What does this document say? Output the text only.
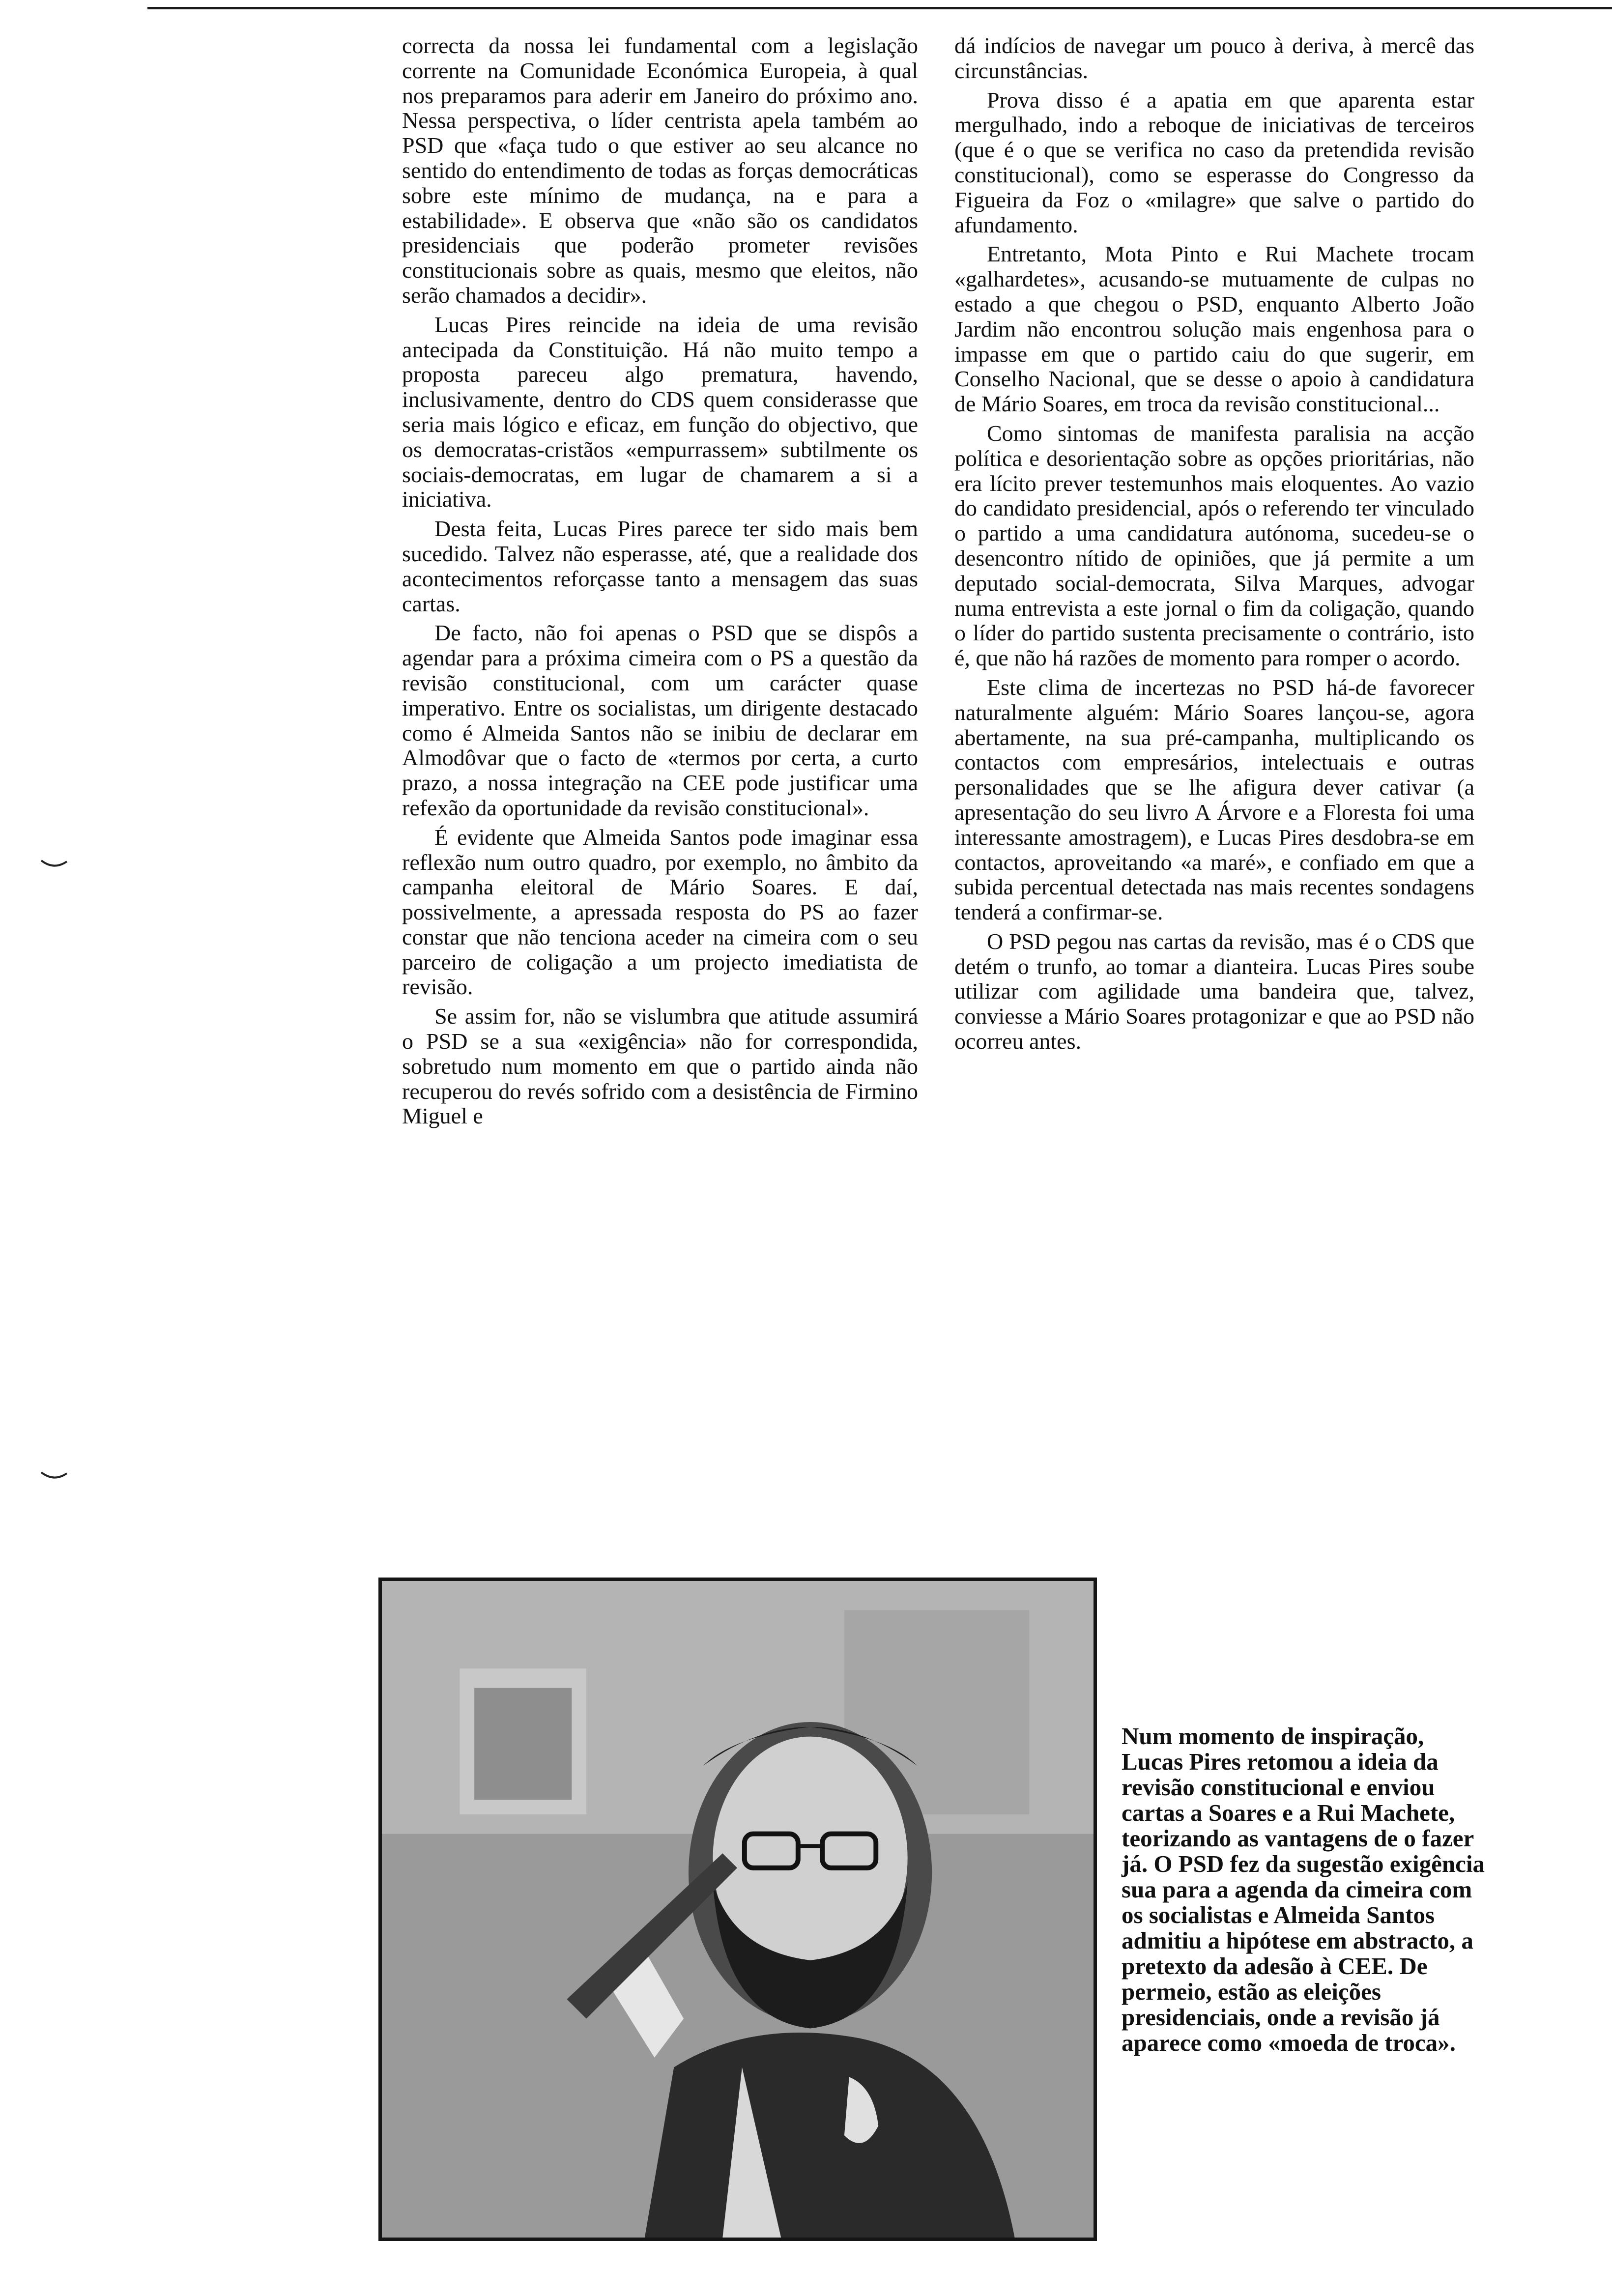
correcta da nossa lei fundamental com a legislação corrente na Comunidade Económica Europeia, à qual nos preparamos para aderir em Janeiro do próximo ano. Nessa perspectiva, o líder centrista apela também ao PSD que «faça tudo o que estiver ao seu alcance no sentido do entendimento de todas as forças democráticas sobre este mínimo de mudança, na e para a estabilidade». E observa que «não são os candidatos presidenciais que poderão prometer revisões constitucionais sobre as quais, mesmo que eleitos, não serão chamados a decidir».

Lucas Pires reincide na ideia de uma revisão antecipada da Constituição. Há não muito tempo a proposta pareceu algo prematura, havendo, inclusivamente, dentro do CDS quem considerasse que seria mais lógico e eficaz, em função do objectivo, que os democratas-cristãos «empurrassem» subtilmente os sociais-democratas, em lugar de chamarem a si a iniciativa.

Desta feita, Lucas Pires parece ter sido mais bem sucedido. Talvez não esperasse, até, que a realidade dos acontecimentos reforçasse tanto a mensagem das suas cartas.

De facto, não foi apenas o PSD que se dispôs a agendar para a próxima cimeira com o PS a questão da revisão constitucional, com um carácter quase imperativo. Entre os socialistas, um dirigente destacado como é Almeida Santos não se inibiu de declarar em Almodôvar que o facto de «termos por certa, a curto prazo, a nossa integração na CEE pode justificar uma refexão da oportunidade da revisão constitucional».

É evidente que Almeida Santos pode imaginar essa reflexão num outro quadro, por exemplo, no âmbito da campanha eleitoral de Mário Soares. E daí, possivelmente, a apressada resposta do PS ao fazer constar que não tenciona aceder na cimeira com o seu parceiro de coligação a um projecto imediatista de revisão.

Se assim for, não se vislumbra que atitude assumirá o PSD se a sua «exigência» não for correspondida, sobretudo num momento em que o partido ainda não recuperou do revés sofrido com a desistência de Firmino Miguel e

dá indícios de navegar um pouco à deriva, à mercê das circunstâncias.

Prova disso é a apatia em que aparenta estar mergulhado, indo a reboque de iniciativas de terceiros (que é o que se verifica no caso da pretendida revisão constitucional), como se esperasse do Congresso da Figueira da Foz o «milagre» que salve o partido do afundamento.

Entretanto, Mota Pinto e Rui Machete trocam «galhardetes», acusando-se mutuamente de culpas no estado a que chegou o PSD, enquanto Alberto João Jardim não encontrou solução mais engenhosa para o impasse em que o partido caiu do que sugerir, em Conselho Nacional, que se desse o apoio à candidatura de Mário Soares, em troca da revisão constitucional...

Como sintomas de manifesta paralisia na acção política e desorientação sobre as opções prioritárias, não era lícito prever testemunhos mais eloquentes. Ao vazio do candidato presidencial, após o referendo ter vinculado o partido a uma candidatura autónoma, sucedeu-se o desencontro nítido de opiniões, que já permite a um deputado social-democrata, Silva Marques, advogar numa entrevista a este jornal o fim da coligação, quando o líder do partido sustenta precisamente o contrário, isto é, que não há razões de momento para romper o acordo.

Este clima de incertezas no PSD há-de favorecer naturalmente alguém: Mário Soares lançou-se, agora abertamente, na sua pré-campanha, multiplicando os contactos com empresários, intelectuais e outras personalidades que se lhe afigura dever cativar (a apresentação do seu livro A Árvore e a Floresta foi uma interessante amostragem), e Lucas Pires desdobra-se em contactos, aproveitando «a maré», e confiado em que a subida percentual detectada nas mais recentes sondagens tenderá a confirmar-se.

O PSD pegou nas cartas da revisão, mas é o CDS que detém o trunfo, ao tomar a dianteira. Lucas Pires soube utilizar com agilidade uma bandeira que, talvez, conviesse a Mário Soares protagonizar e que ao PSD não ocorreu antes.

Num momento de inspiração, Lucas Pires retomou a ideia da revisão constitucional e enviou cartas a Soares e a Rui Machete, teorizando as vantagens de o fazer já. O PSD fez da sugestão exigência sua para a agenda da cimeira com os socialistas e Almeida Santos admitiu a hipótese em abstracto, a pretexto da adesão à CEE. De permeio, estão as eleições presidenciais, onde a revisão já aparece como «moeda de troca».
